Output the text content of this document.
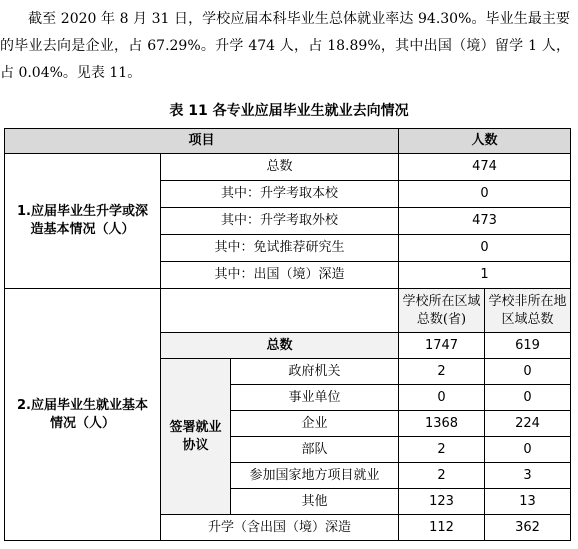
截至 2020 年 8 月 31 日，学校应届本科毕业生总体就业率达 94.30%。毕业生最主要的毕业去向是企业，占 67.29%。升学 474 人，占 18.89%，其中出国（境）留学 1 人，占 0.04%。见表 11。
表 11 各专业应届毕业生就业去向情况
项目			人数	
1.应届毕业生升学或深造基本情况（人）	总数		474	
	其中：升学考取本校		0	
	其中：升学考取外校		473	
	其中：免试推荐研究生		0	
	其中：出国（境）深造		1	
2.应届毕业生就业基本情况（人）			学校所在区域总数(省)	学校非所在地区域总数
	总数		1747	619
	签署就业协议	政府机关	2	0
		事业单位	0	0
		企业	1368	224
		部队	2	0
		参加国家地方项目就业	2	3
		其他	123	13
	升学（含出国（境）深造		112	362
